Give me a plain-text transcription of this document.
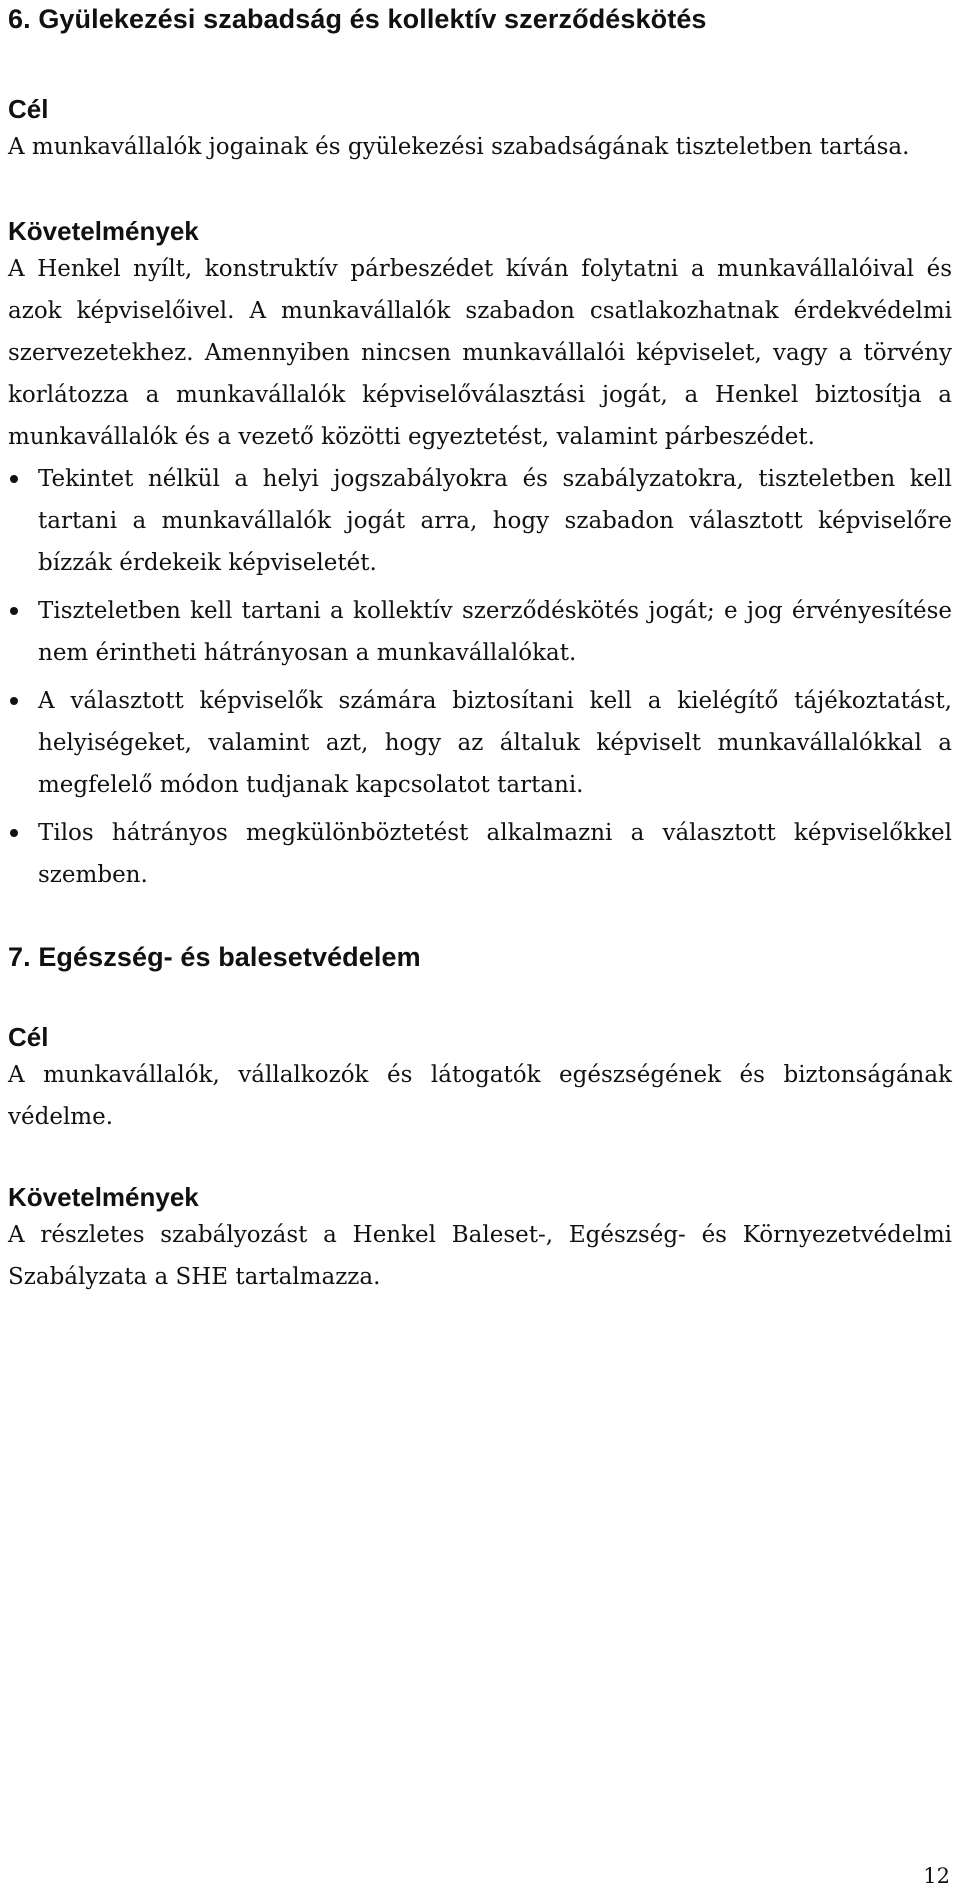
6. Gyülekezési szabadság és kollektív szerződéskötés
Cél

A munkavállalók jogainak és gyülekezési szabadságának tiszteletben tartása.

Követelmények

A Henkel nyílt, konstruktív párbeszédet kíván folytatni a munkavállalóival és azok képviselőivel. A munkavállalók szabadon csatlakozhatnak érdekvédelmi szervezetekhez. Amennyiben nincsen munkavállalói képviselet, vagy a törvény korlátozza a munkavállalók képviselőválasztási jogát, a Henkel biztosítja a munkavállalók és a vezető közötti egyeztetést, valamint párbeszédet.

Tekintet nélkül a helyi jogszabályokra és szabályzatokra, tiszteletben kell tartani a munkavállalók jogát arra, hogy szabadon választott képviselőre bízzák érdekeik képviseletét.
Tiszteletben kell tartani a kollektív szerződéskötés jogát; e jog érvényesítése nem érintheti hátrányosan a munkavállalókat.
A választott képviselők számára biztosítani kell a kielégítő tájékoztatást, helyiségeket, valamint azt, hogy az általuk képviselt munkavállalókkal a megfelelő módon tudjanak kapcsolatot tartani.
Tilos hátrányos megkülönböztetést alkalmazni a választott képviselőkkel szemben.
7. Egészség- és balesetvédelem
Cél

A munkavállalók, vállalkozók és látogatók egészségének és biztonságának védelme.

Követelmények

A részletes szabályozást a Henkel Baleset-, Egészség- és Környezetvédelmi Szabályzata a SHE tartalmazza.

12
